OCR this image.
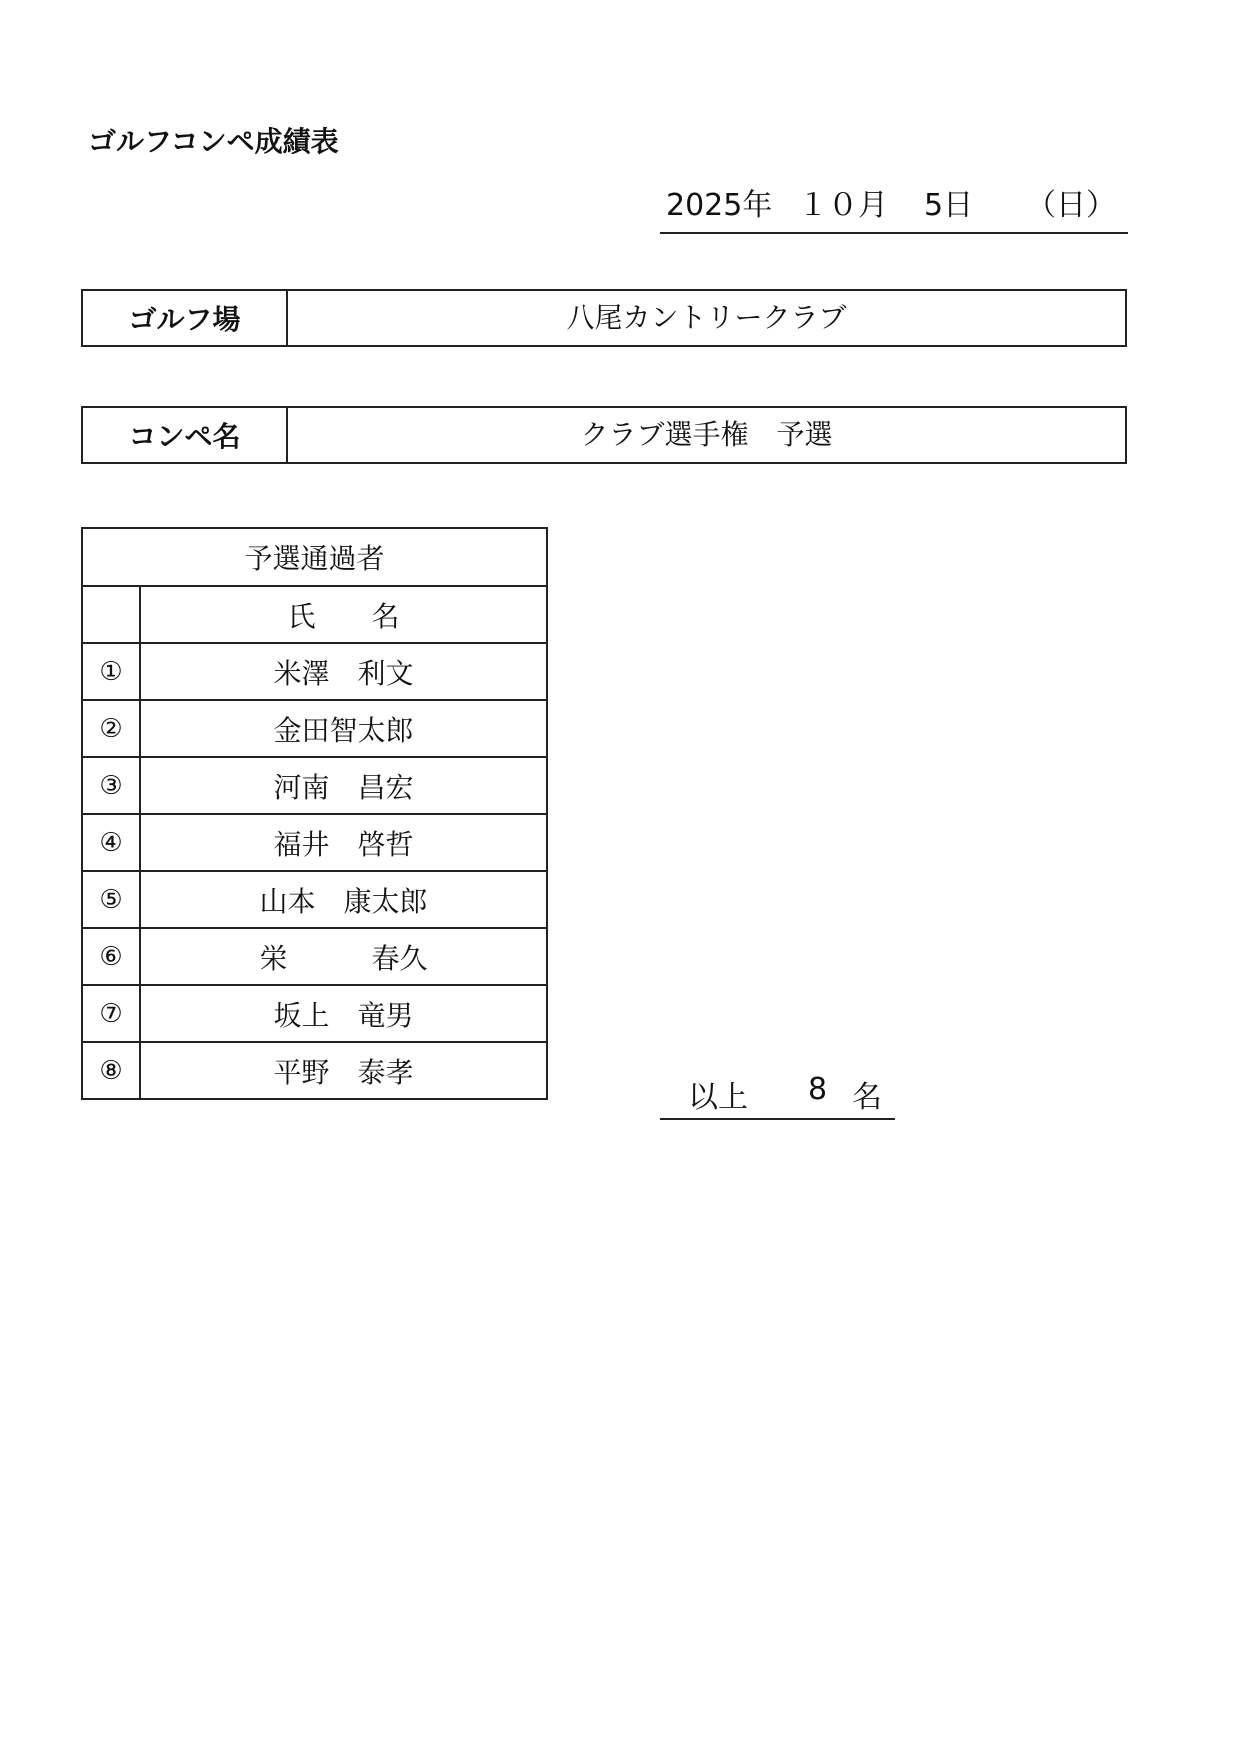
ゴルフコンペ成績表
2025年 １０月 5日 （日）
ゴルフ場	八尾カントリークラブ
コンペ名	クラブ選手権　予選
予選通過者	
	氏　　名
①	米澤　利文
②	金田智太郎
③	河南　昌宏
④	福井　啓哲
⑤	山本　康太郎
⑥	栄　　　春久
⑦	坂上　竜男
⑧	平野　泰孝
以上 8 名
